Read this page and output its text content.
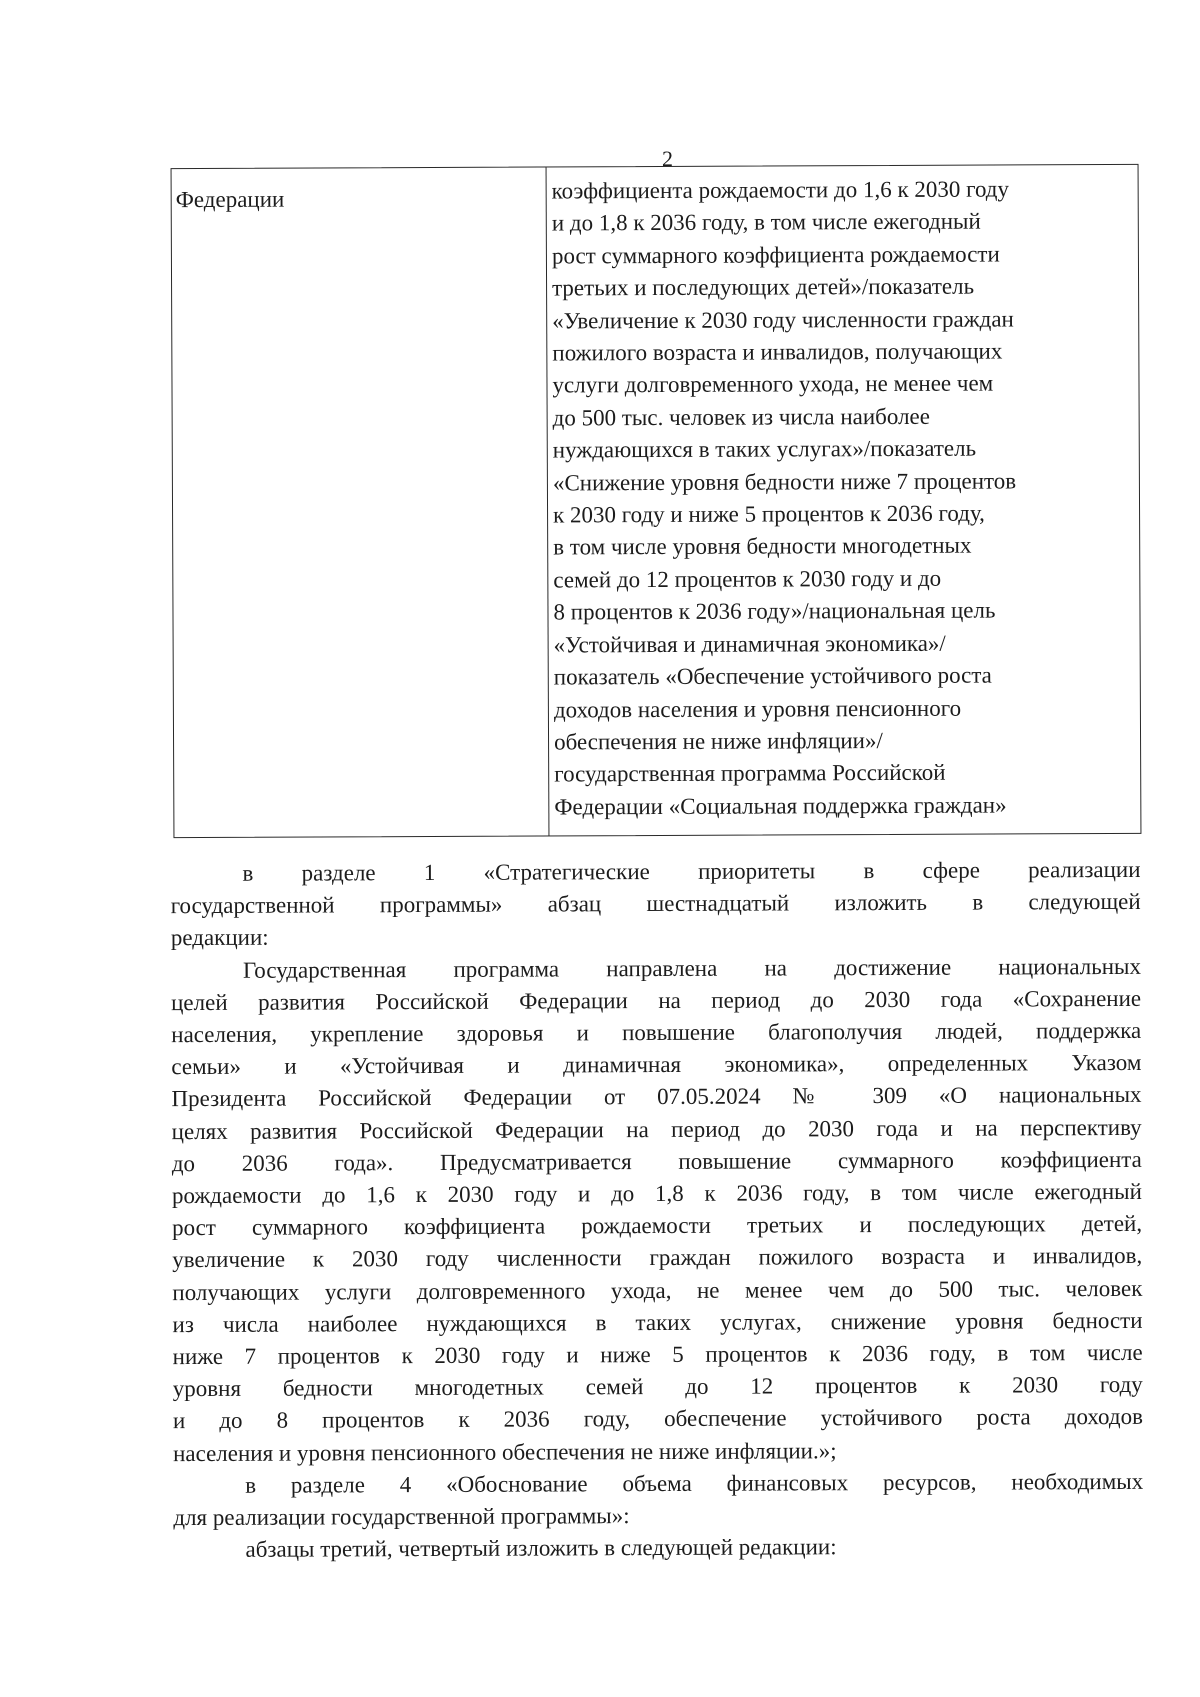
2
Федерации	коэффициента рождаемости до 1,6 к 2030 году
и до 1,8 к 2036 году, в том числе ежегодный
рост суммарного коэффициента рождаемости
третьих и последующих детей»/показатель
«Увеличение к 2030 году численности граждан
пожилого возраста и инвалидов, получающих
услуги долговременного ухода, не менее чем
до 500 тыс. человек из числа наиболее
нуждающихся в таких услугах»/показатель
«Снижение уровня бедности ниже 7 процентов
к 2030 году и ниже 5 процентов к 2036 году,
в том числе уровня бедности многодетных
семей до 12 процентов к 2030 году и до
8 процентов к 2036 году»/национальная цель
«Устойчивая и динамичная экономика»/
показатель «Обеспечение устойчивого роста
доходов населения и уровня пенсионного
обеспечения не ниже инфляции»/
государственная программа Российской
Федерации «Социальная поддержка граждан»
в разделе 1 «Стратегические приоритеты в сфере реализации
государственной программы» абзац шестнадцатый изложить в следующей
редакции:
Государственная программа направлена на достижение национальных
целей развития Российской Федерации на период до 2030 года «Сохранение
населения, укрепление здоровья и повышение благополучия людей, поддержка
семьи» и «Устойчивая и динамичная экономика», определенных Указом
Президента Российской Федерации от 07.05.2024 № 309 «О национальных
целях развития Российской Федерации на период до 2030 года и на перспективу
до 2036 года». Предусматривается повышение суммарного коэффициента
рождаемости до 1,6 к 2030 году и до 1,8 к 2036 году, в том числе ежегодный
рост суммарного коэффициента рождаемости третьих и последующих детей,
увеличение к 2030 году численности граждан пожилого возраста и инвалидов,
получающих услуги долговременного ухода, не менее чем до 500 тыс. человек
из числа наиболее нуждающихся в таких услугах, снижение уровня бедности
ниже 7 процентов к 2030 году и ниже 5 процентов к 2036 году, в том числе
уровня бедности многодетных семей до 12 процентов к 2030 году
и до 8 процентов к 2036 году, обеспечение устойчивого роста доходов
населения и уровня пенсионного обеспечения не ниже инфляции.»;
в разделе 4 «Обоснование объема финансовых ресурсов, необходимых
для реализации государственной программы»:
абзацы третий, четвертый изложить в следующей редакции:
